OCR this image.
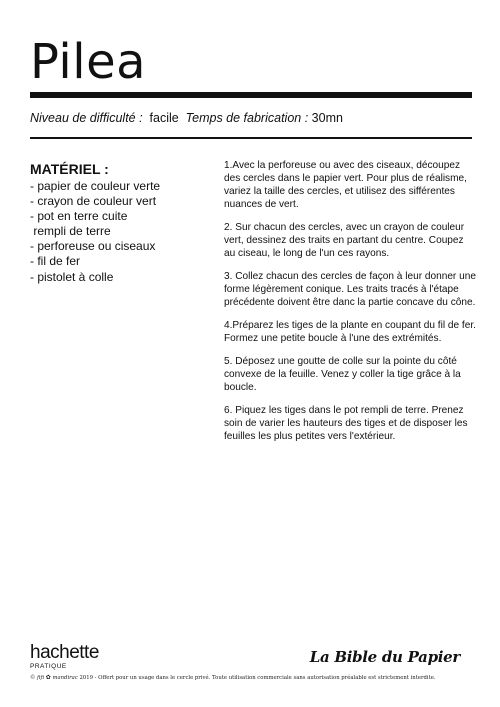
Pilea
Niveau de difficulté : facile Temps de fabrication : 30mn
MATÉRIEL :
- papier de couleur verte
- crayon de couleur vert
- pot en terre cuite
rempli de terre
- perforeuse ou ciseaux
- fil de fer
- pistolet à colle

1.Avec la perforeuse ou avec des ciseaux, découpez des cercles dans le papier vert. Pour plus de réalisme, variez la taille des cercles, et utilisez des sifférentes nuances de vert.

2. Sur chacun des cercles, avec un crayon de couleur vert, dessinez des traits en partant du centre. Coupez au ciseau, le long de l'un ces rayons.

3. Collez chacun des cercles de façon à leur donner une forme légèrement conique. Les traits tracés à l'étape précédente doivent être danc la partie concave du cône.

4.Préparez les tiges de la plante en coupant du fil de fer. Formez une petite boucle à l'une des extrémités.

5. Déposez une goutte de colle sur la pointe du côté convexe de la feuille. Venez y coller la tige grâce à la boucle.

6. Piquez les tiges dans le pot rempli de terre. Prenez soin de varier les hauteurs des tiges et de disposer les feuilles les plus petites vers l'extérieur.

hachette
PRATIQUE
La Bible du Papier
© fifi ✿ mandirac 2019 - Offert pour un usage dans le cercle privé. Toute utilisation commerciale sans autorisation préalable est strictement interdite.
